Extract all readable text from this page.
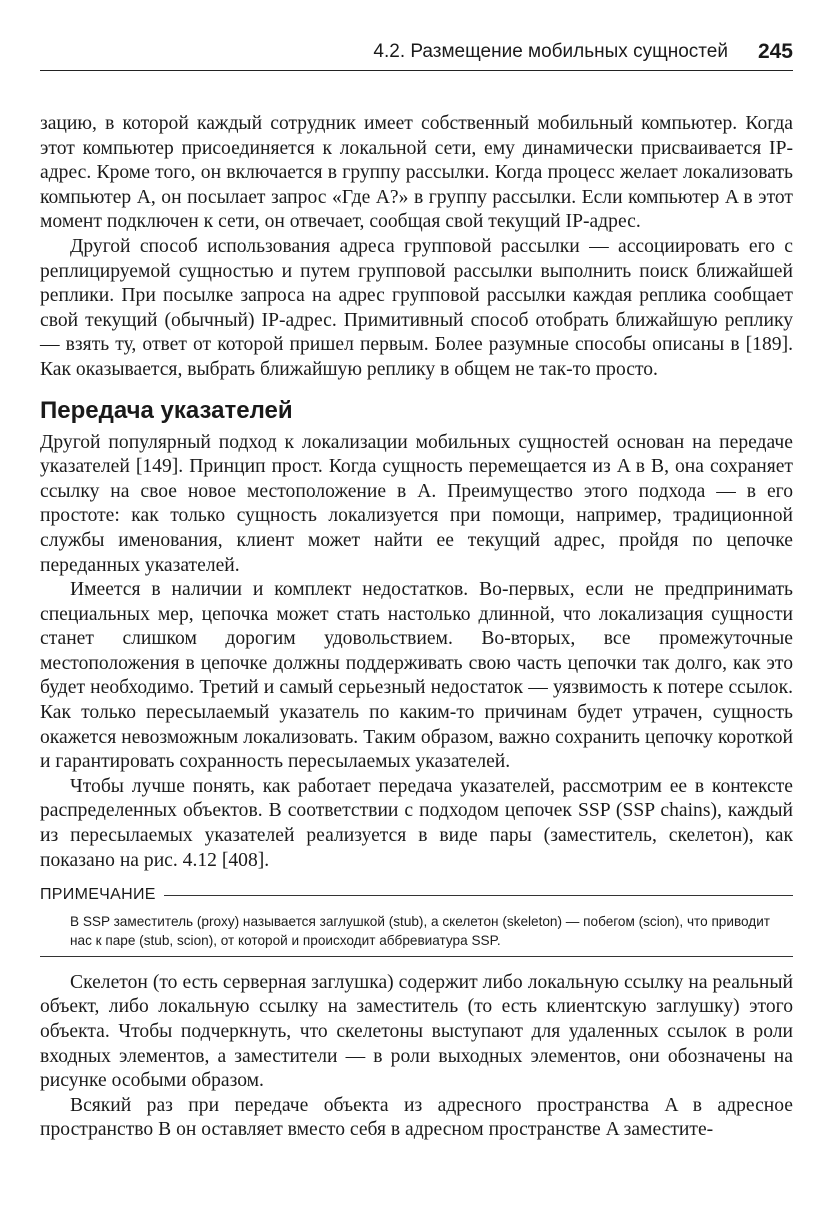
4.2. Размещение мобильных сущностей 245

зацию, в которой каждый сотрудник имеет собственный мобильный компьютер. Когда этот компьютер присоединяется к локальной сети, ему динамически присваивается IP-адрес. Кроме того, он включается в группу рассылки. Когда процесс желает локализовать компьютер A, он посылает запрос «Где A?» в группу рассылки. Если компьютер A в этот момент подключен к сети, он отвечает, сообщая свой текущий IP-адрес.

Другой способ использования адреса групповой рассылки — ассоциировать его с реплицируемой сущностью и путем групповой рассылки выполнить поиск ближайшей реплики. При посылке запроса на адрес групповой рассылки каждая реплика сообщает свой текущий (обычный) IP-адрес. Примитивный способ отобрать ближайшую реплику — взять ту, ответ от которой пришел первым. Более разумные способы описаны в [189]. Как оказывается, выбрать ближайшую реплику в общем не так-то просто.

Передача указателей

Другой популярный подход к локализации мобильных сущностей основан на передаче указателей [149]. Принцип прост. Когда сущность перемещается из A в B, она сохраняет ссылку на свое новое местоположение в A. Преимущество этого подхода — в его простоте: как только сущность локализуется при помощи, например, традиционной службы именования, клиент может найти ее текущий адрес, пройдя по цепочке переданных указателей.

Имеется в наличии и комплект недостатков. Во-первых, если не предпринимать специальных мер, цепочка может стать настолько длинной, что локализация сущности станет слишком дорогим удовольствием. Во-вторых, все промежуточные местоположения в цепочке должны поддерживать свою часть цепочки так долго, как это будет необходимо. Третий и самый серьезный недостаток — уязвимость к потере ссылок. Как только пересылаемый указатель по каким-то причинам будет утрачен, сущность окажется невозможным локализовать. Таким образом, важно сохранить цепочку короткой и гарантировать сохранность пересылаемых указателей.

Чтобы лучше понять, как работает передача указателей, рассмотрим ее в контексте распределенных объектов. В соответствии с подходом цепочек SSP (SSP chains), каждый из пересылаемых указателей реализуется в виде пары (заместитель, скелетон), как показано на рис. 4.12 [408].

ПРИМЕЧАНИЕ
В SSP заместитель (proxy) называется заглушкой (stub), а скелетон (skeleton) — побегом (scion), что приводит нас к паре (stub, scion), от которой и происходит аббревиатура SSP.

Скелетон (то есть серверная заглушка) содержит либо локальную ссылку на реальный объект, либо локальную ссылку на заместитель (то есть клиентскую заглушку) этого объекта. Чтобы подчеркнуть, что скелетоны выступают для удаленных ссылок в роли входных элементов, а заместители — в роли выходных элементов, они обозначены на рисунке особыми образом.

Всякий раз при передаче объекта из адресного пространства A в адресное пространство B он оставляет вместо себя в адресном пространстве A заместите-
